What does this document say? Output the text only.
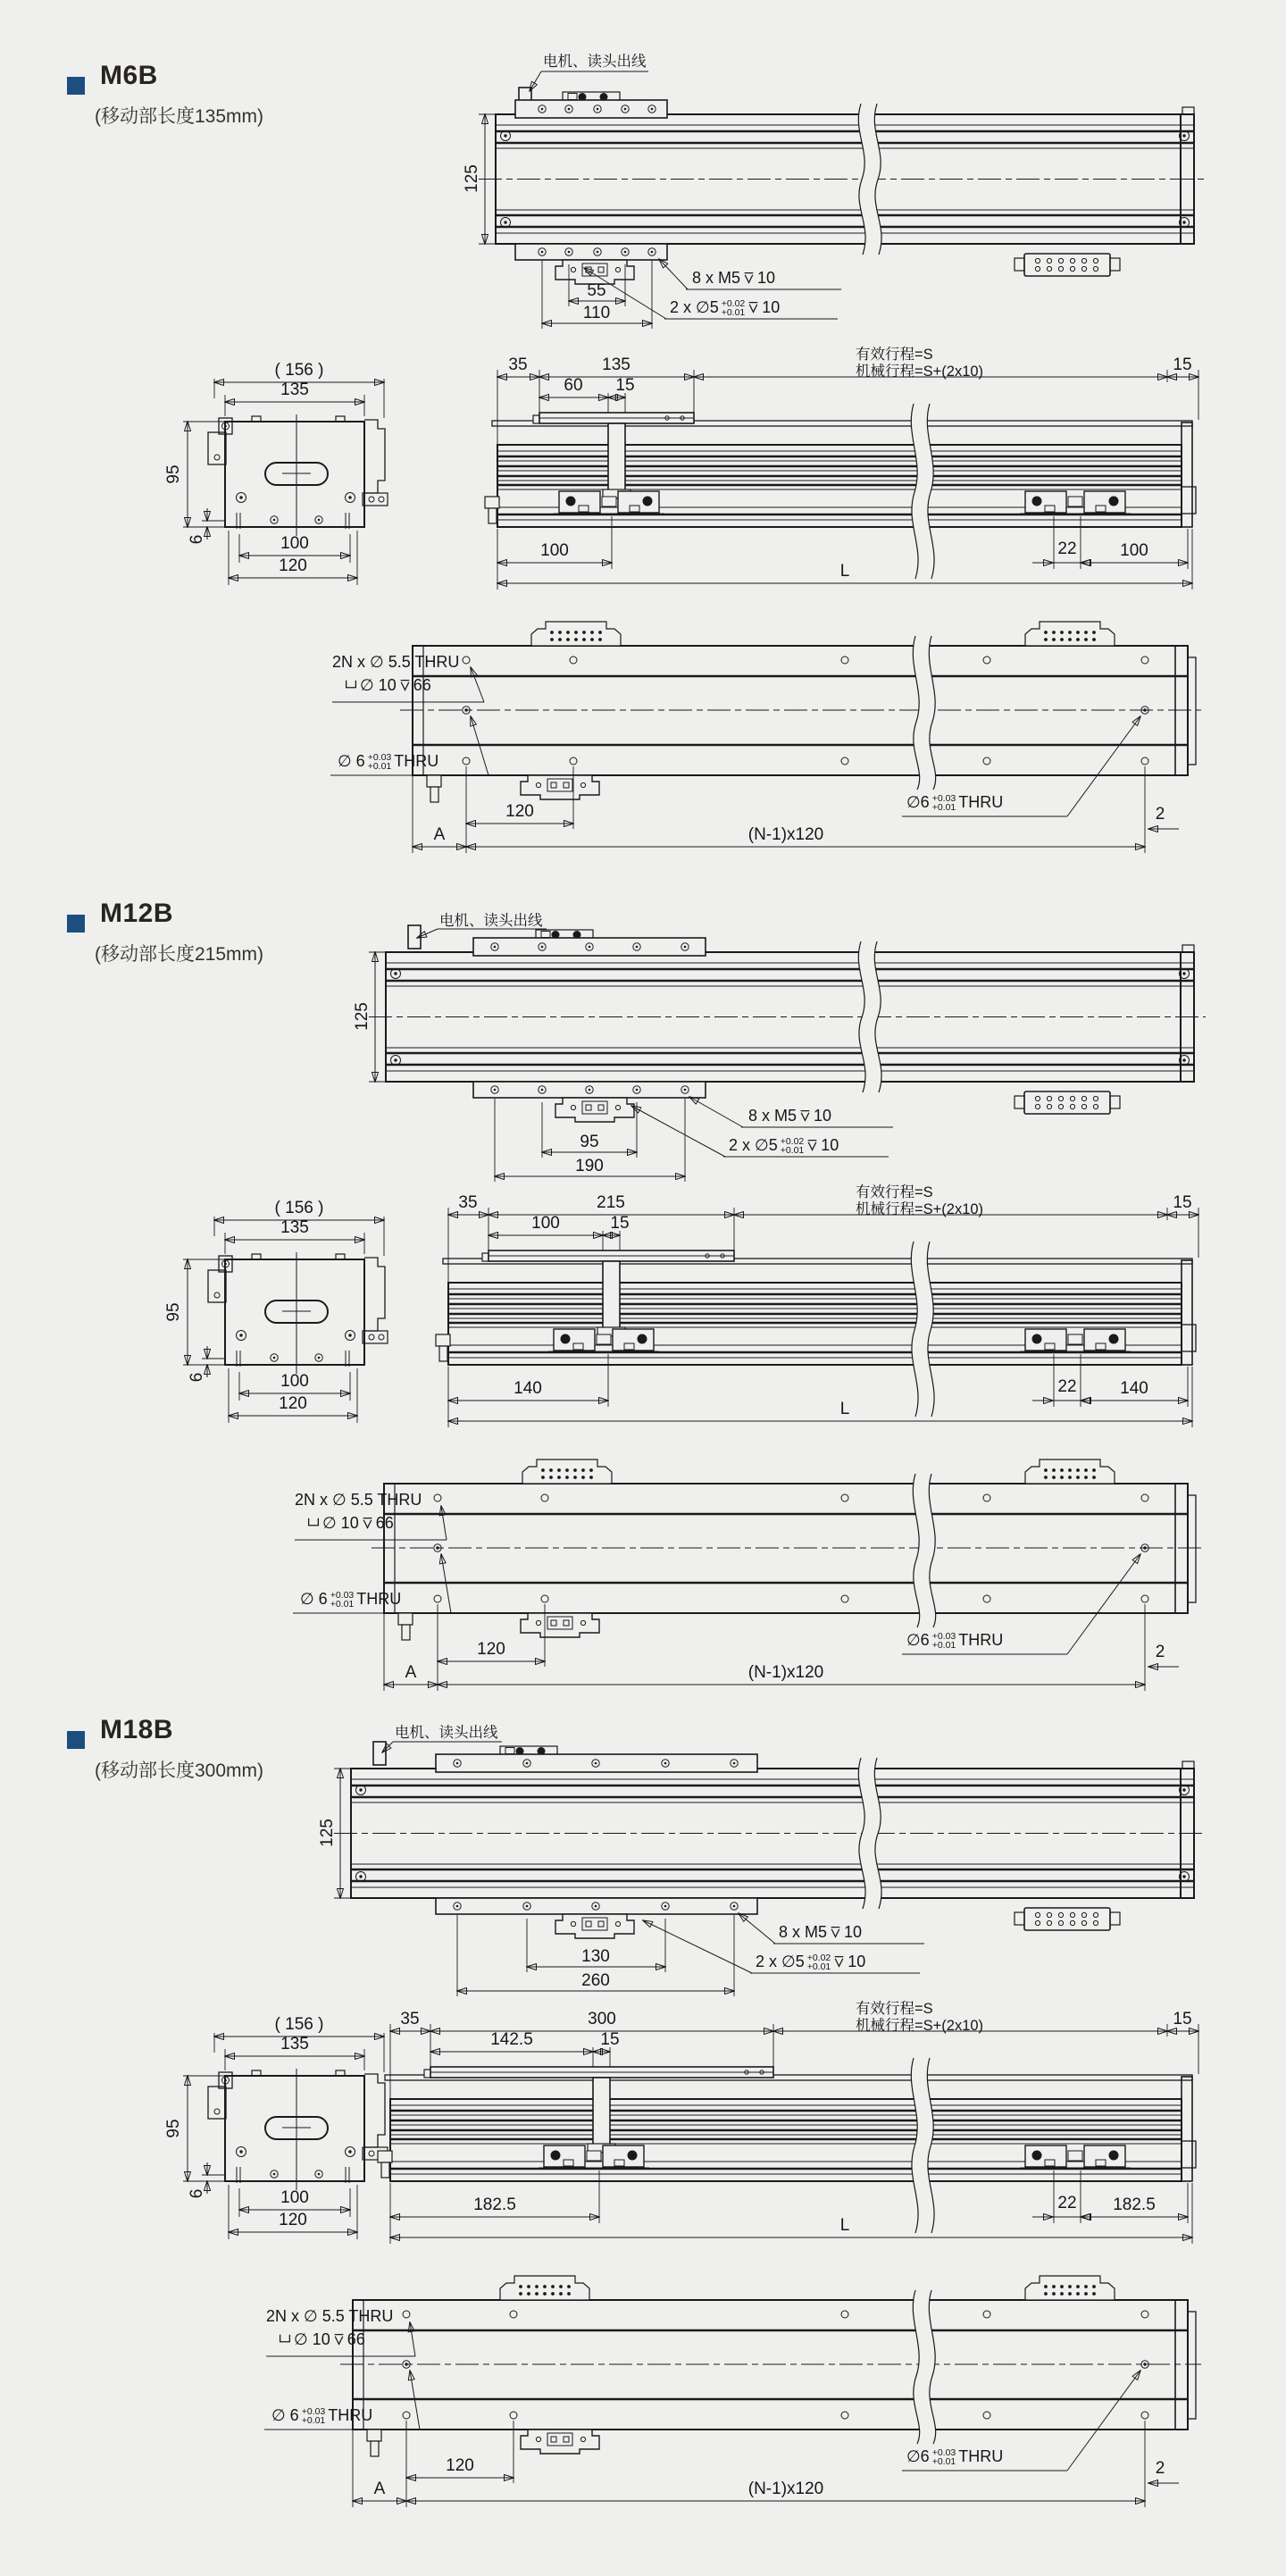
M6B
(移动部长度135mm)
电机、读头出线
125
55
110
8 x M5 10
2 x ∅5 +0.02
+0.01 10
( 156 )
135
95
6	100
120
35	135
60 15
有效行程=S
机械行程=S+(2x10)	15
100	22	100
L
2N x ∅ 5.5 THRU
∅ 10 66
∅ 6 +0.03
+0.01 THRU
120
A	(N-1)x120
2
∅6 +0.03
+0.01 THRU
M12B
(移动部长度215mm)
电机、读头出线
125
95
190
8 x M5 10
2 x ∅5 +0.02
+0.01 10
( 156 )
135
95
6	100
120
35	215
100	15
有效行程=S
机械行程=S+(2x10)	15
140	22	140
L
2N x ∅ 5.5 THRU
∅ 10 66
∅ 6 +0.03
+0.01 THRU
120
A	(N-1)x120
2
∅6 +0.03
+0.01 THRU
M18B
(移动部长度300mm)
电机、读头出线
125
130
260
8 x M5 10
2 x ∅5 +0.02
+0.01 10
( 156 )
135
95
6	100
120
35	300
142.5	15
有效行程=S
机械行程=S+(2x10)	15
182.5	22 182.5
L
2N x ∅ 5.5 THRU
∅ 10 66
∅ 6 +0.03
+0.01 THRU
120
A	(N-1)x120
2
∅6 +0.03
+0.01 THRU
